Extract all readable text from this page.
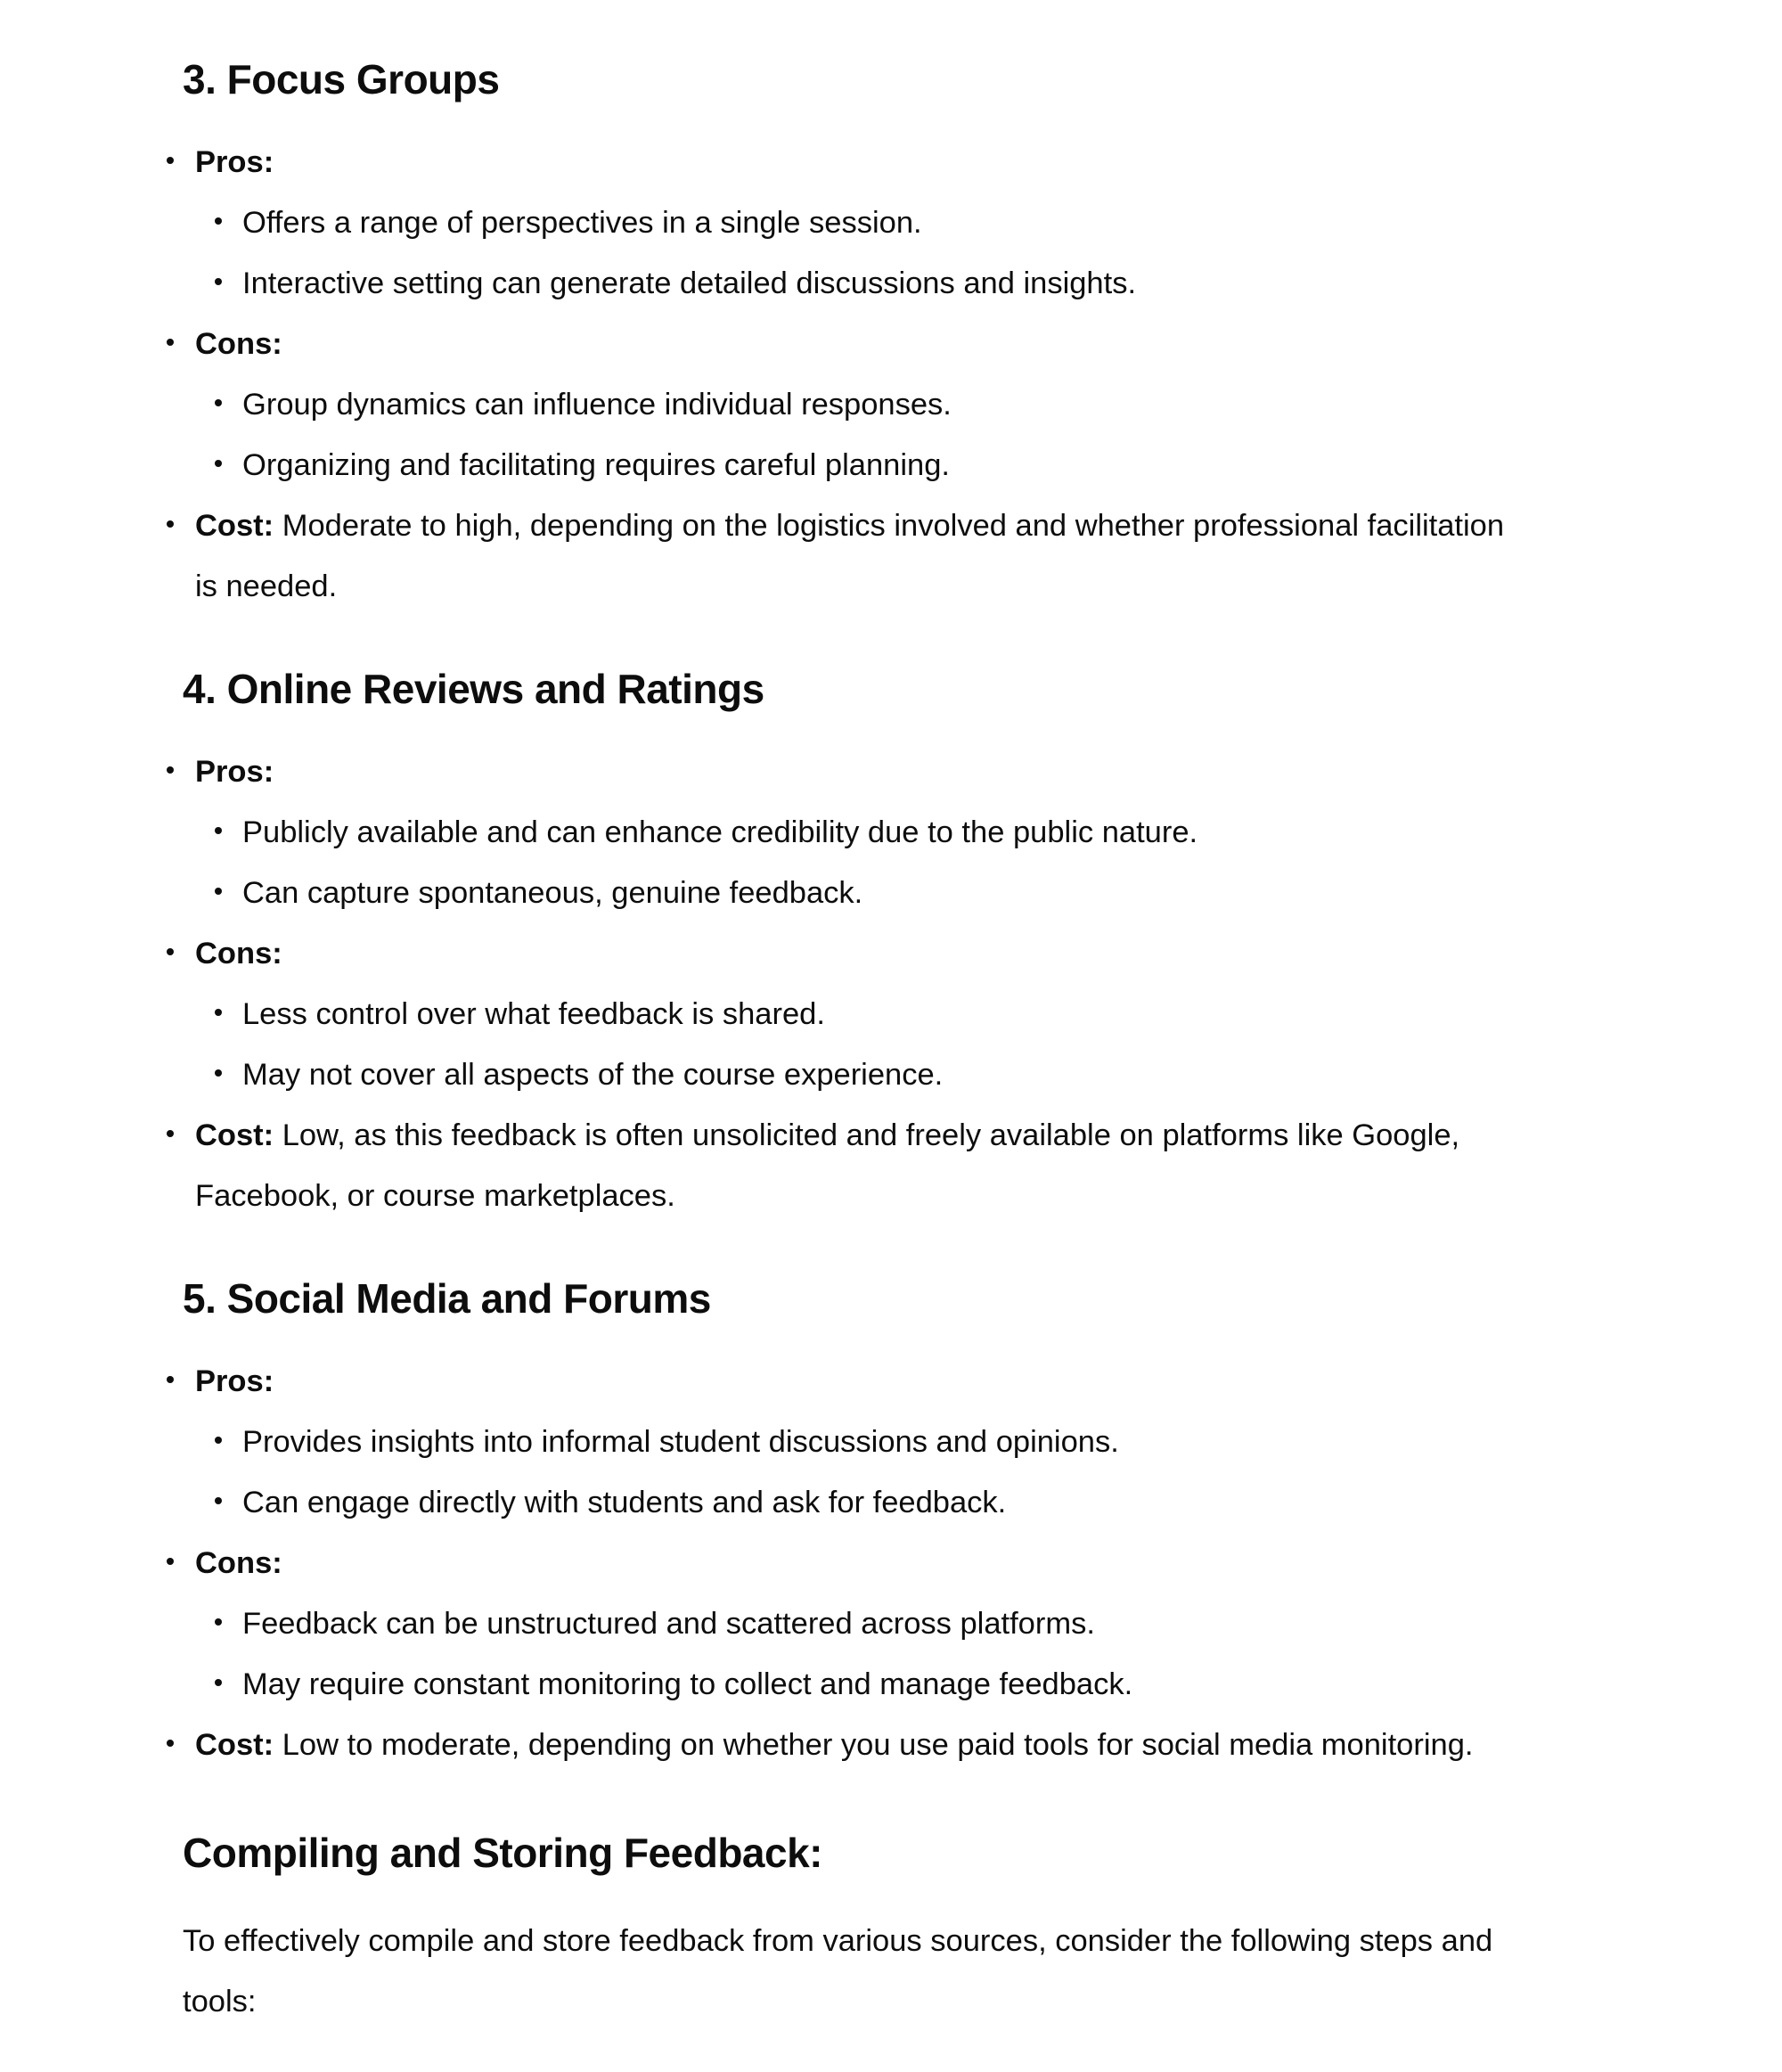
3. Focus Groups
Pros:
Offers a range of perspectives in a single session.
Interactive setting can generate detailed discussions and insights.
Cons:
Group dynamics can influence individual responses.
Organizing and facilitating requires careful planning.
Cost: Moderate to high, depending on the logistics involved and whether professional facilitation
is needed.
4. Online Reviews and Ratings
Pros:
Publicly available and can enhance credibility due to the public nature.
Can capture spontaneous, genuine feedback.
Cons:
Less control over what feedback is shared.
May not cover all aspects of the course experience.
Cost: Low, as this feedback is often unsolicited and freely available on platforms like Google,
Facebook, or course marketplaces.
5. Social Media and Forums
Pros:
Provides insights into informal student discussions and opinions.
Can engage directly with students and ask for feedback.
Cons:
Feedback can be unstructured and scattered across platforms.
May require constant monitoring to collect and manage feedback.
Cost: Low to moderate, depending on whether you use paid tools for social media monitoring.
Compiling and Storing Feedback:
To effectively compile and store feedback from various sources, consider the following steps and
tools:
